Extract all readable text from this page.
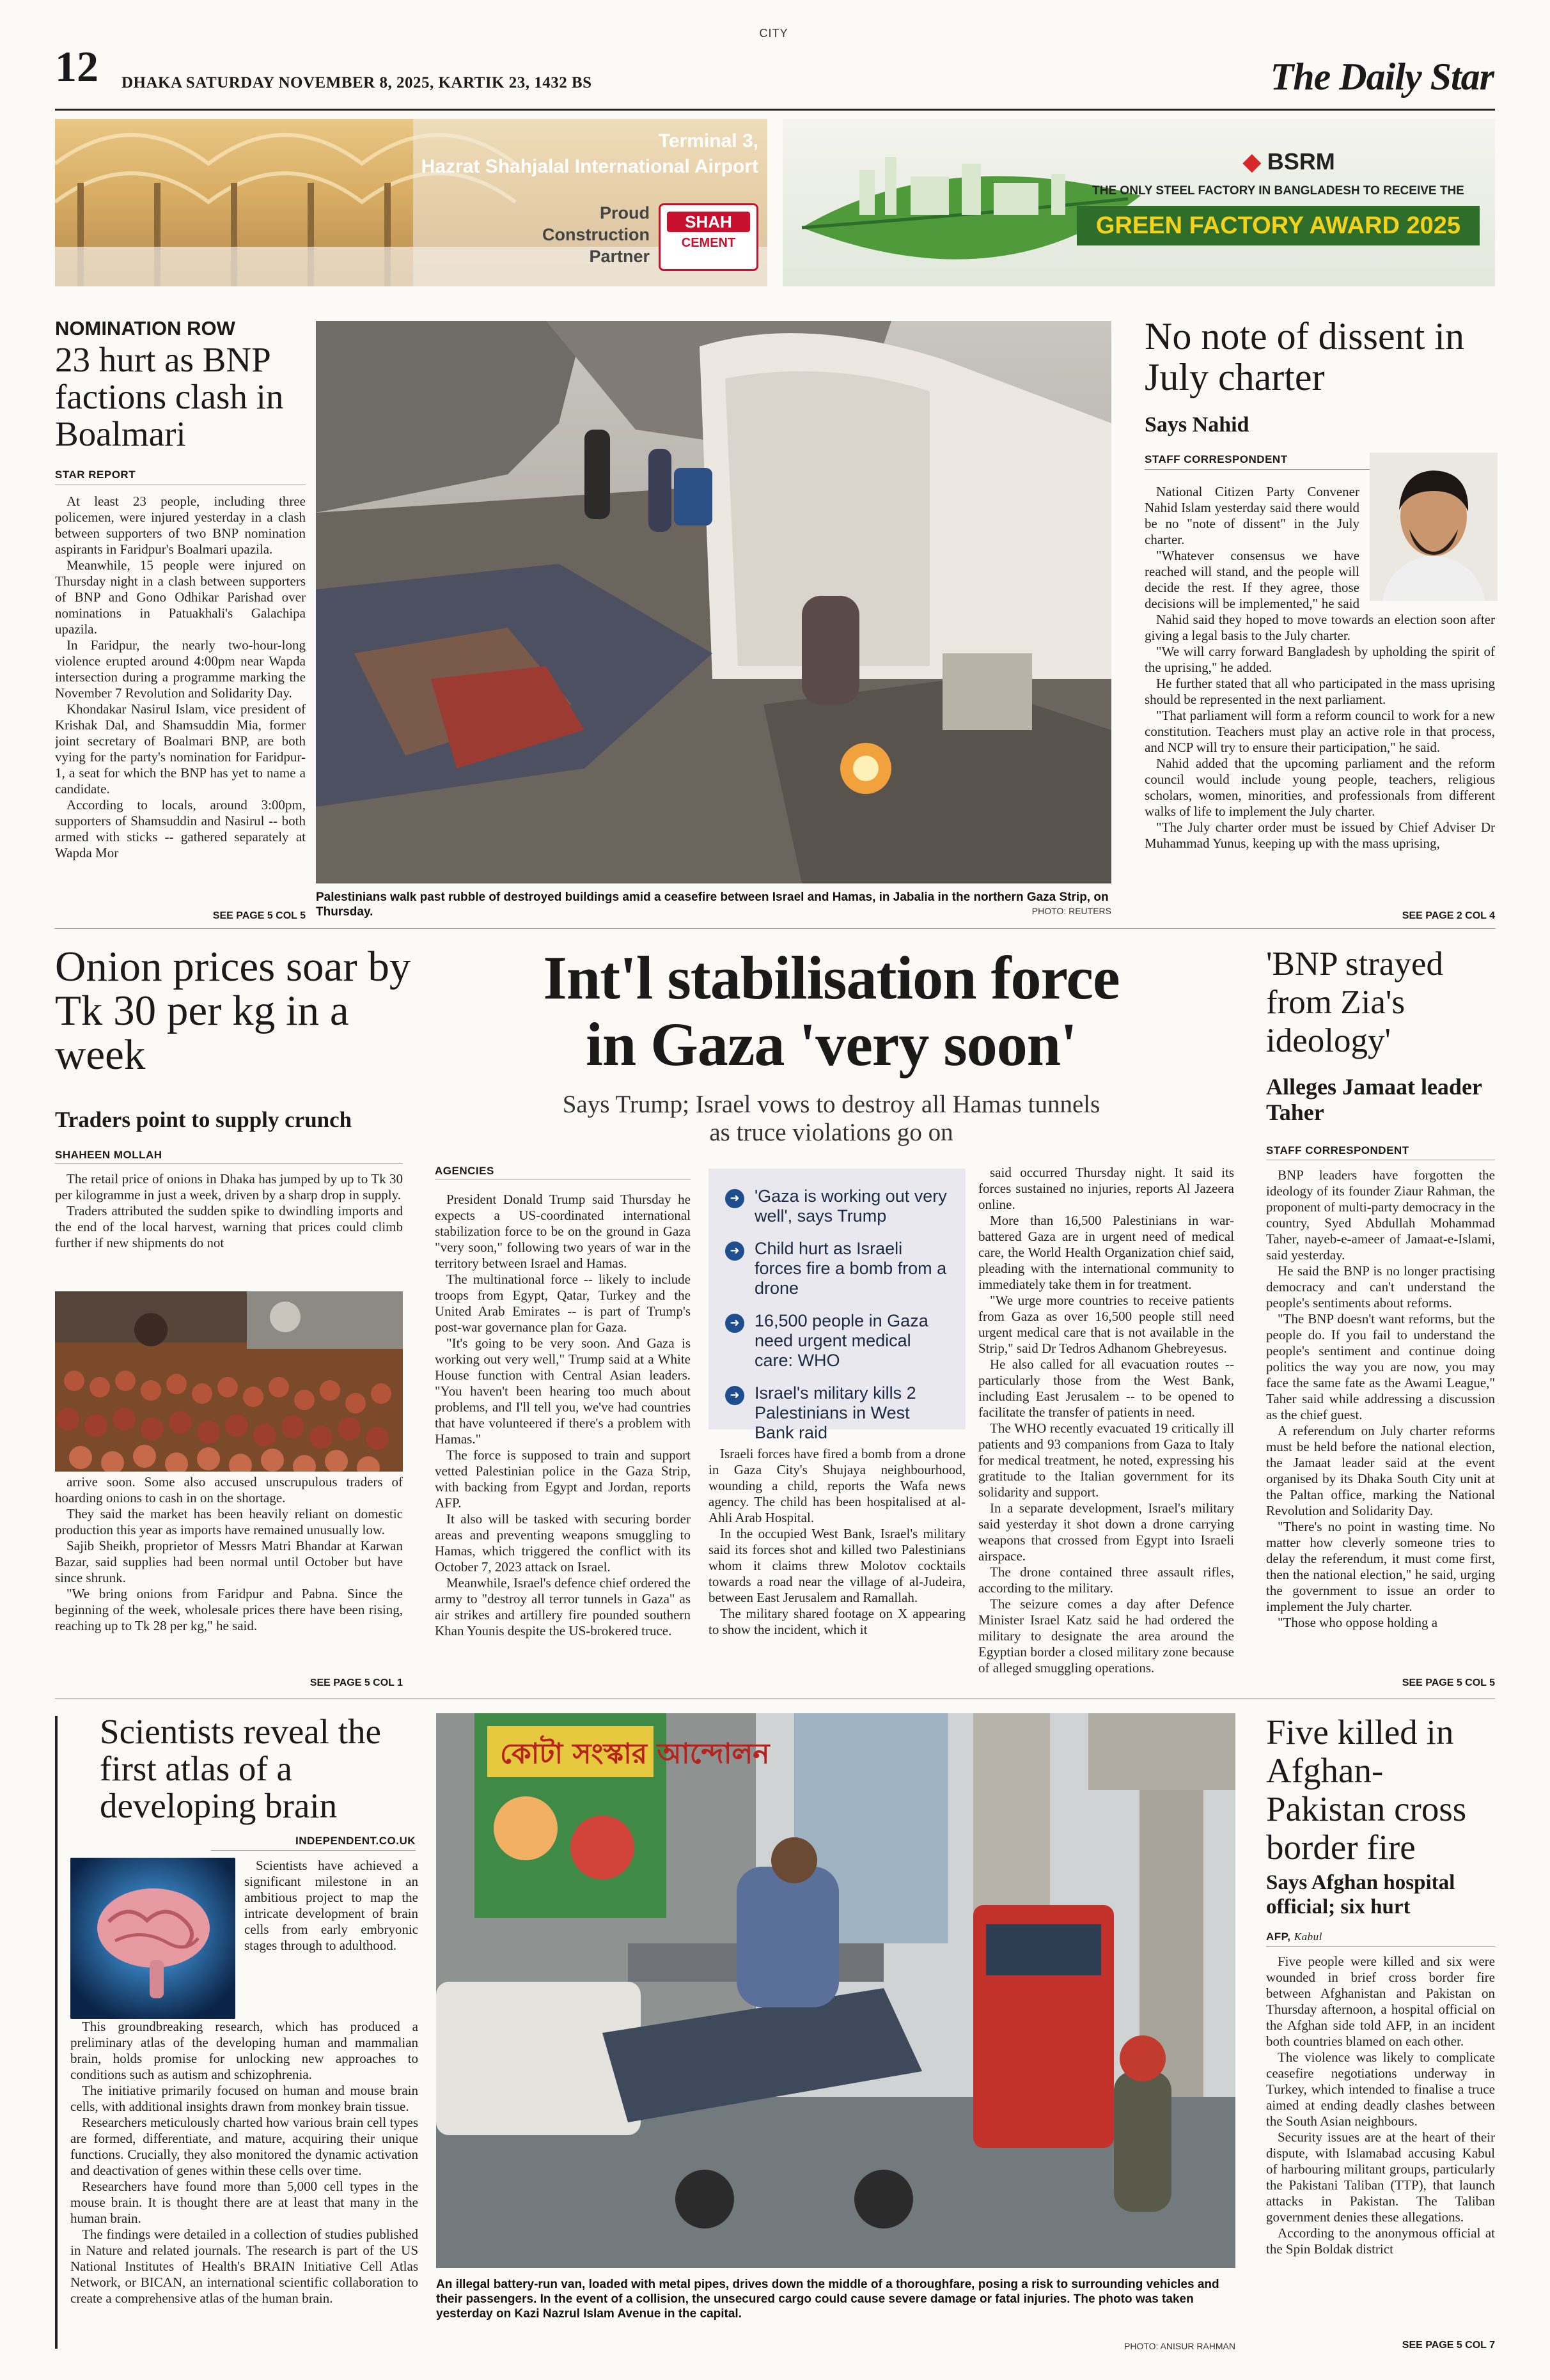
CITY
12 DHAKA SATURDAY NOVEMBER 8, 2025, KARTIK 23, 1432 BS	The Daily Star
Terminal 3,
Hazrat Shahjalal International Airport
Proud
Construction
Partner
SHAH
CEMENT
◆ BSRM
THE ONLY STEEL FACTORY IN BANGLADESH TO RECEIVE THE
GREEN FACTORY AWARD 2025
NOMINATION ROW
23 hurt as BNP factions clash in Boalmari
STAR REPORT

At least 23 people, including three policemen, were injured yesterday in a clash between supporters of two BNP nomination aspirants in Faridpur's Boalmari upazila.

Meanwhile, 15 people were injured on Thursday night in a clash between supporters of BNP and Gono Odhikar Parishad over nominations in Patuakhali's Galachipa upazila.

In Faridpur, the nearly two-hour-long violence erupted around 4:00pm near Wapda intersection during a programme marking the November 7 Revolution and Solidarity Day.

Khondakar Nasirul Islam, vice president of Krishak Dal, and Shamsuddin Mia, former joint secretary of Boalmari BNP, are both vying for the party's nomination for Faridpur-1, a seat for which the BNP has yet to name a candidate.

According to locals, around 3:00pm, supporters of Shamsuddin and Nasirul -- both armed with sticks -- gathered separately at Wapda Mor

SEE PAGE 5 COL 5
Palestinians walk past rubble of destroyed buildings amid a ceasefire between Israel and Hamas, in Jabalia in the northern Gaza Strip, on Thursday.	PHOTO: REUTERS
No note of dissent in July charter
Says Nahid
STAFF CORRESPONDENT

National Citizen Party Convener Nahid Islam yesterday said there would be no "note of dissent" in the July charter.

"Whatever consensus we have reached will stand, and the people will decide the rest. If they agree, those decisions will be implemented," he said

Nahid said they hoped to move towards an election soon after giving a legal basis to the July charter.

"We will carry forward Bangladesh by upholding the spirit of the uprising," he added.

He further stated that all who participated in the mass uprising should be represented in the next parliament.

"That parliament will form a reform council to work for a new constitution. Teachers must play an active role in that process, and NCP will try to ensure their participation," he said.

Nahid added that the upcoming parliament and the reform council would include young people, teachers, religious scholars, women, minorities, and professionals from different walks of life to implement the July charter.

"The July charter order must be issued by Chief Adviser Dr Muhammad Yunus, keeping up with the mass uprising,

SEE PAGE 2 COL 4
Onion prices soar by Tk 30 per kg in a week
Traders point to supply crunch
SHAHEEN MOLLAH

The retail price of onions in Dhaka has jumped by up to Tk 30 per kilogramme in just a week, driven by a sharp drop in supply.

Traders attributed the sudden spike to dwindling imports and the end of the local harvest, warning that prices could climb further if new shipments do not

arrive soon. Some also accused unscrupulous traders of hoarding onions to cash in on the shortage.

They said the market has been heavily reliant on domestic production this year as imports have remained unusually low.

Sajib Sheikh, proprietor of Messrs Matri Bhandar at Karwan Bazar, said supplies had been normal until October but have since shrunk.

"We bring onions from Faridpur and Pabna. Since the beginning of the week, wholesale prices there have been rising, reaching up to Tk 28 per kg," he said.

SEE PAGE 5 COL 1
Int'l stabilisation force
in Gaza 'very soon'
Says Trump; Israel vows to destroy all Hamas tunnels
as truce violations go on
AGENCIES

President Donald Trump said Thursday he expects a US-coordinated international stabilization force to be on the ground in Gaza "very soon," following two years of war in the territory between Israel and Hamas.

The multinational force -- likely to include troops from Egypt, Qatar, Turkey and the United Arab Emirates -- is part of Trump's post-war governance plan for Gaza.

"It's going to be very soon. And Gaza is working out very well," Trump said at a White House function with Central Asian leaders. "You haven't been hearing too much about problems, and I'll tell you, we've had countries that have volunteered if there's a problem with Hamas."

The force is supposed to train and support vetted Palestinian police in the Gaza Strip, with backing from Egypt and Jordan, reports AFP.

It also will be tasked with securing border areas and preventing weapons smuggling to Hamas, which triggered the conflict with its October 7, 2023 attack on Israel.

Meanwhile, Israel's defence chief ordered the army to "destroy all terror tunnels in Gaza" as air strikes and artillery fire pounded southern Khan Younis despite the US-brokered truce.

➜ 'Gaza is working out very well', says Trump
➜ Child hurt as Israeli forces fire a bomb from a drone
➜ 16,500 people in Gaza need urgent medical care: WHO
➜ Israel's military kills 2 Palestinians in West Bank raid

Israeli forces have fired a bomb from a drone in Gaza City's Shujaya neighbourhood, wounding a child, reports the Wafa news agency. The child has been hospitalised at al-Ahli Arab Hospital.

In the occupied West Bank, Israel's military said its forces shot and killed two Palestinians whom it claims threw Molotov cocktails towards a road near the village of al-Judeira, between East Jerusalem and Ramallah.

The military shared footage on X appearing to show the incident, which it

said occurred Thursday night. It said its forces sustained no injuries, reports Al Jazeera online.

More than 16,500 Palestinians in war-battered Gaza are in urgent need of medical care, the World Health Organization chief said, pleading with the international community to immediately take them in for treatment.

"We urge more countries to receive patients from Gaza as over 16,500 people still need urgent medical care that is not available in the Strip," said Dr Tedros Adhanom Ghebreyesus.

He also called for all evacuation routes -- particularly those from the West Bank, including East Jerusalem -- to be opened to facilitate the transfer of patients in need.

The WHO recently evacuated 19 critically ill patients and 93 companions from Gaza to Italy for medical treatment, he noted, expressing his gratitude to the Italian government for its solidarity and support.

In a separate development, Israel's military said yesterday it shot down a drone carrying weapons that crossed from Egypt into Israeli airspace.

The drone contained three assault rifles, according to the military.

The seizure comes a day after Defence Minister Israel Katz said he had ordered the military to designate the area around the Egyptian border a closed military zone because of alleged smuggling operations.

'BNP strayed from Zia's ideology'
Alleges Jamaat leader Taher
STAFF CORRESPONDENT

BNP leaders have forgotten the ideology of its founder Ziaur Rahman, the proponent of multi-party democracy in the country, Syed Abdullah Mohammad Taher, nayeb-e-ameer of Jamaat-e-Islami, said yesterday.

He said the BNP is no longer practising democracy and can't understand the people's sentiments about reforms.

"The BNP doesn't want reforms, but the people do. If you fail to understand the people's sentiment and continue doing politics the way you are now, you may face the same fate as the Awami League," Taher said while addressing a discussion as the chief guest.

A referendum on July charter reforms must be held before the national election, the Jamaat leader said at the event organised by its Dhaka South City unit at the Paltan office, marking the National Revolution and Solidarity Day.

"There's no point in wasting time. No matter how cleverly someone tries to delay the referendum, it must come first, then the national election," he said, urging the government to issue an order to implement the July charter.

"Those who oppose holding a

SEE PAGE 5 COL 5
Scientists reveal the first atlas of a developing brain
INDEPENDENT.CO.UK

Scientists have achieved a significant milestone in an ambitious project to map the intricate development of brain cells from early embryonic stages through to adulthood.

This groundbreaking research, which has produced a preliminary atlas of the developing human and mammalian brain, holds promise for unlocking new approaches to conditions such as autism and schizophrenia.

The initiative primarily focused on human and mouse brain cells, with additional insights drawn from monkey brain tissue.

Researchers meticulously charted how various brain cell types are formed, differentiate, and mature, acquiring their unique functions. Crucially, they also monitored the dynamic activation and deactivation of genes within these cells over time.

Researchers have found more than 5,000 cell types in the mouse brain. It is thought there are at least that many in the human brain.

The findings were detailed in a collection of studies published in Nature and related journals. The research is part of the US National Institutes of Health's BRAIN Initiative Cell Atlas Network, or BICAN, an international scientific collaboration to create a comprehensive atlas of the human brain.

কোটা সংস্কার আন্দোলন
An illegal battery-run van, loaded with metal pipes, drives down the middle of a thoroughfare, posing a risk to surrounding vehicles and their passengers. In the event of a collision, the unsecured cargo could cause severe damage or fatal injuries. The photo was taken yesterday on Kazi Nazrul Islam Avenue in the capital.
PHOTO: ANISUR RAHMAN
Five killed in Afghan-Pakistan cross border fire
Says Afghan hospital official; six hurt
AFP, Kabul

Five people were killed and six were wounded in brief cross border fire between Afghanistan and Pakistan on Thursday afternoon, a hospital official on the Afghan side told AFP, in an incident both countries blamed on each other.

The violence was likely to complicate ceasefire negotiations underway in Turkey, which intended to finalise a truce aimed at ending deadly clashes between the South Asian neighbours.

Security issues are at the heart of their dispute, with Islamabad accusing Kabul of harbouring militant groups, particularly the Pakistani Taliban (TTP), that launch attacks in Pakistan. The Taliban government denies these allegations.

According to the anonymous official at the Spin Boldak district

SEE PAGE 5 COL 7
